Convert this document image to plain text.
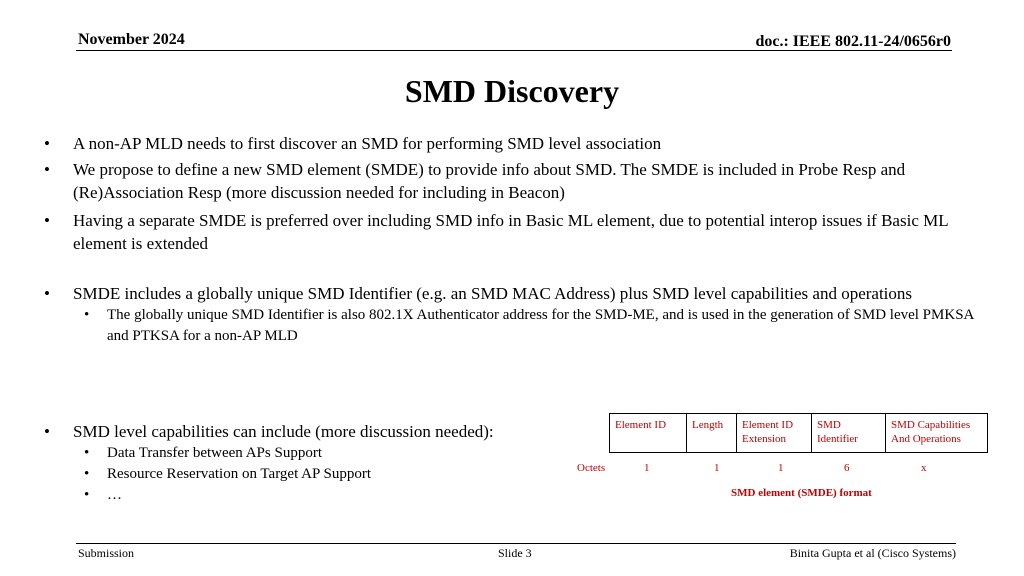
November 2024	doc.: IEEE 802.11-24/0656r0
SMD Discovery

• A non-AP MLD needs to first discover an SMD for performing SMD level association

• We propose to define a new SMD element (SMDE) to provide info about SMD. The SMDE is included in Probe Resp and (Re)Association Resp (more discussion needed for including in Beacon)

• Having a separate SMDE is preferred over including SMD info in Basic ML element, due to potential interop issues if Basic ML element is extended

• SMDE includes a globally unique SMD Identifier (e.g. an SMD MAC Address) plus SMD level capabilities and operations

• The globally unique SMD Identifier is also 802.1X Authenticator address for the SMD-ME, and is used in the generation of SMD level PMKSA and PTKSA for a non-AP MLD

• SMD level capabilities can include (more discussion needed):

• Data Transfer between APs Support

• Resource Reservation on Target AP Support

• …

Element ID	Length	Element ID Extension	SMD Identifier	SMD Capabilities And Operations
Octets	1	1	1	6	x
SMD element (SMDE) format
Submission	Slide 3	Binita Gupta et al (Cisco Systems)
